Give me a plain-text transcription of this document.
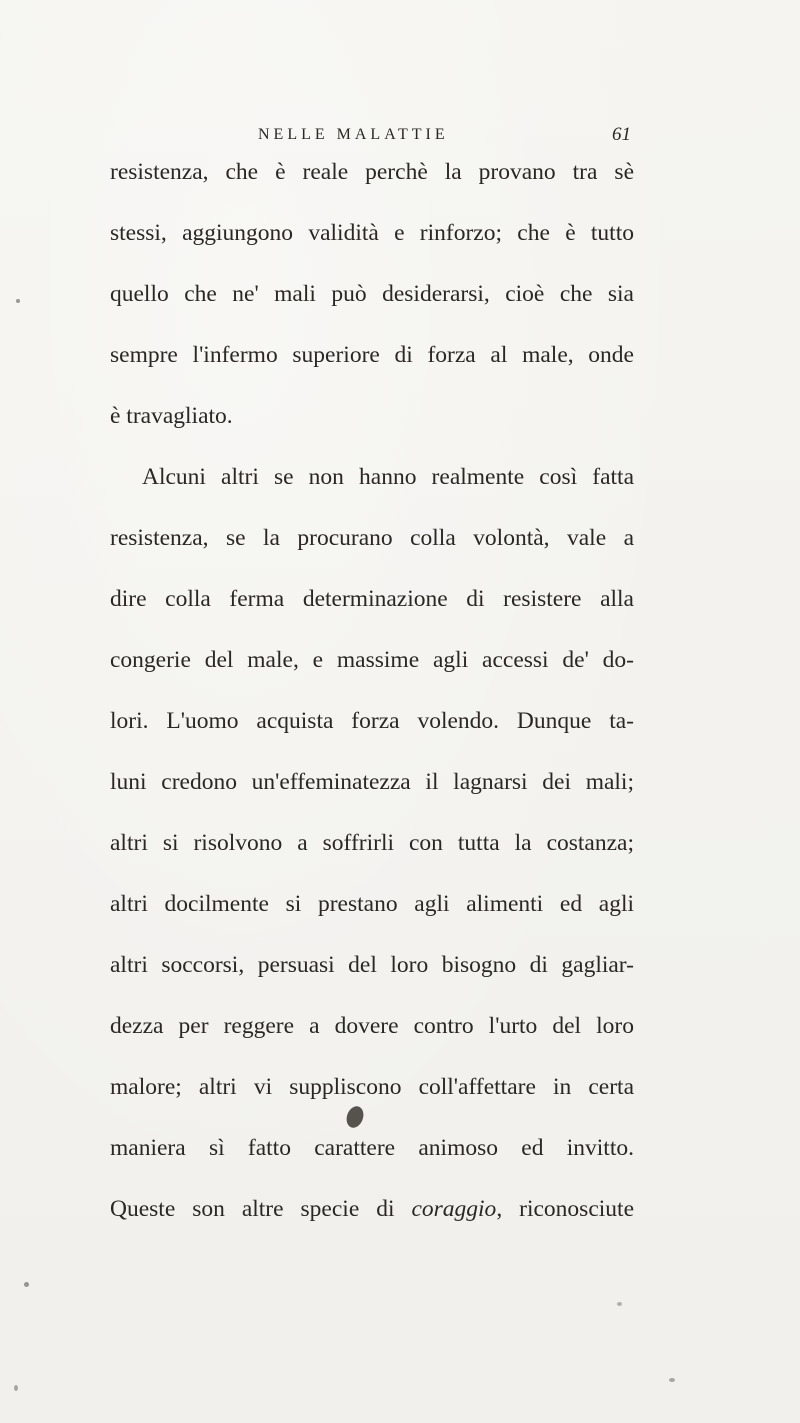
NELLE MALATTIE	61
resistenza, che è reale perchè la provano tra sè
stessi, aggiungono validità e rinforzo; che è tutto
quello che ne' mali può desiderarsi, cioè che sia
sempre l'infermo superiore di forza al male, onde
è travagliato.
Alcuni altri se non hanno realmente così fatta
resistenza, se la procurano colla volontà, vale a
dire colla ferma determinazione di resistere alla
congerie del male, e massime agli accessi de' do-
lori. L'uomo acquista forza volendo. Dunque ta-
luni credono un'effeminatezza il lagnarsi dei mali;
altri si risolvono a soffrirli con tutta la costanza;
altri docilmente si prestano agli alimenti ed agli
altri soccorsi, persuasi del loro bisogno di gagliar-
dezza per reggere a dovere contro l'urto del loro
malore; altri vi suppliscono coll'affettare in certa
maniera sì fatto carattere animoso ed invitto.
Queste son altre specie di coraggio, riconosciute
